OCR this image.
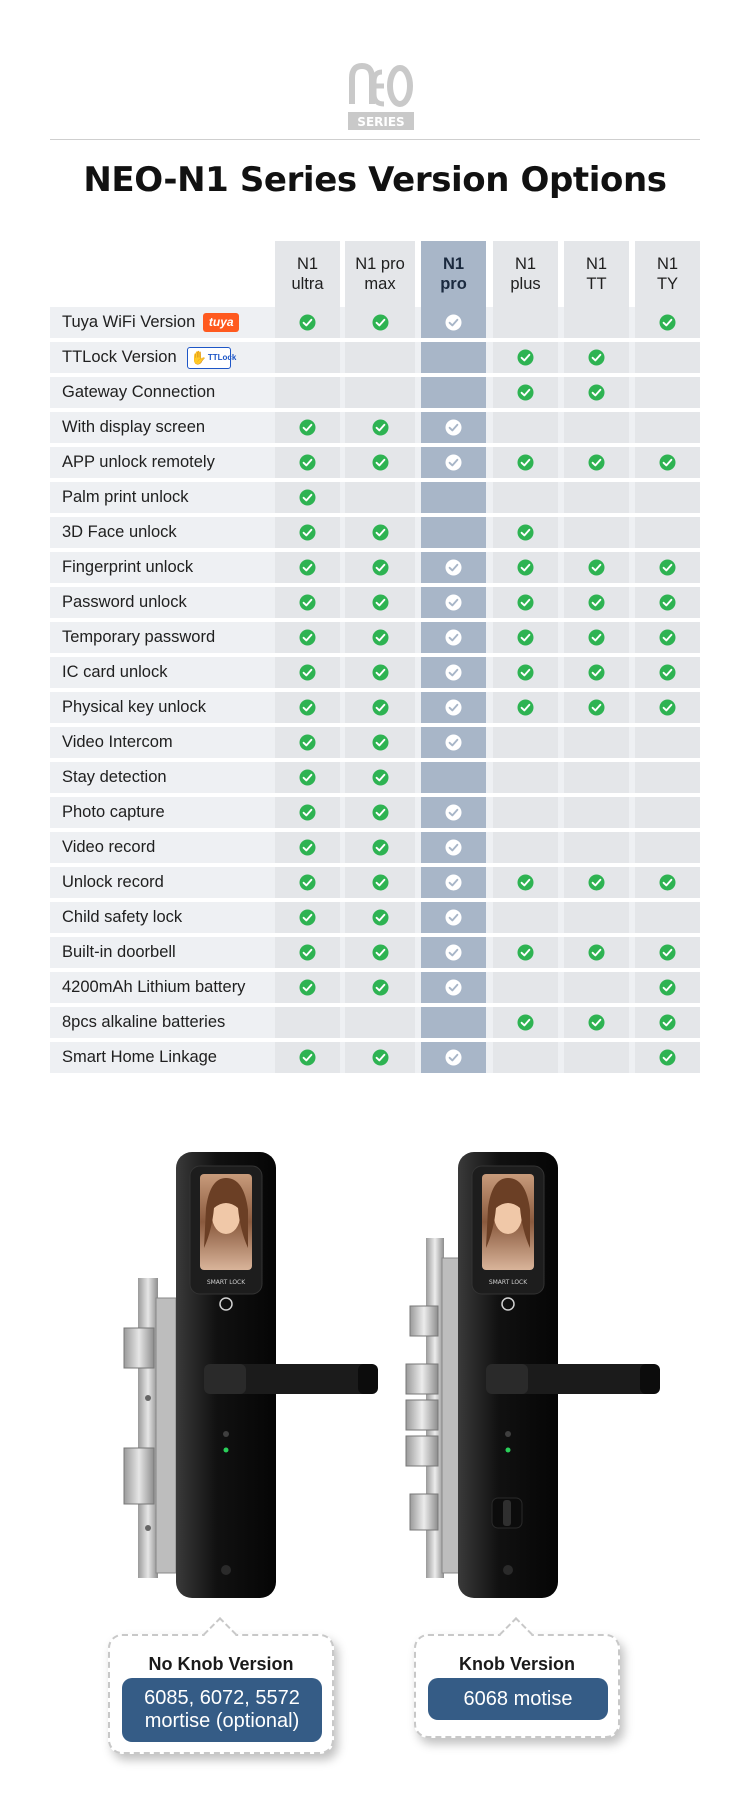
SERIES
NEO-N1 Series Version Options
N1
ultra
N1 pro
max
N1
pro
N1
plus
N1
TT
N1
TY
Tuya WiFi Version	tuya
TTLock Version ✋ TTLock
Gateway Connection
With display screen
APP unlock remotely
Palm print unlock
3D Face unlock
Fingerprint unlock
Password unlock
Temporary password
IC card unlock
Physical key unlock
Video Intercom
Stay detection
Photo capture
Video record
Unlock record
Child safety lock
Built-in doorbell
4200mAh Lithium battery
8pcs alkaline batteries
Smart Home Linkage
SMART LOCK	SMART LOCK
No Knob Version
6085, 6072, 5572 mortise (optional)
Knob Version
6068 motise
